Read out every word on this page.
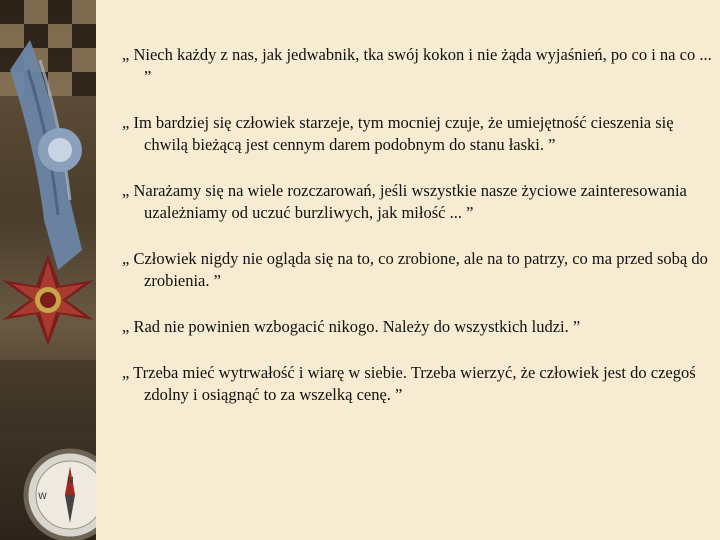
N
W

„ Niech każdy z nas, jak jedwabnik, tka swój kokon i nie żąda wyjaśnień, po co i na co ... ”

„ Im bardziej się człowiek starzeje, tym mocniej czuje, że umiejętność cieszenia się chwilą bieżącą jest cennym darem podobnym do stanu łaski. ”

„ Narażamy się na wiele rozczarowań, jeśli wszystkie nasze życiowe zainteresowania uzależniamy od uczuć burzliwych, jak miłość ... ”

„ Człowiek nigdy nie ogląda się na to, co zrobione, ale na to patrzy, co ma przed sobą do zrobienia. ”

„ Rad nie powinien wzbogacić nikogo. Należy do wszystkich ludzi. ”

„ Trzeba mieć wytrwałość i wiarę w siebie. Trzeba wierzyć, że człowiek jest do czegoś zdolny i osiągnąć to za wszelką cenę. ”
